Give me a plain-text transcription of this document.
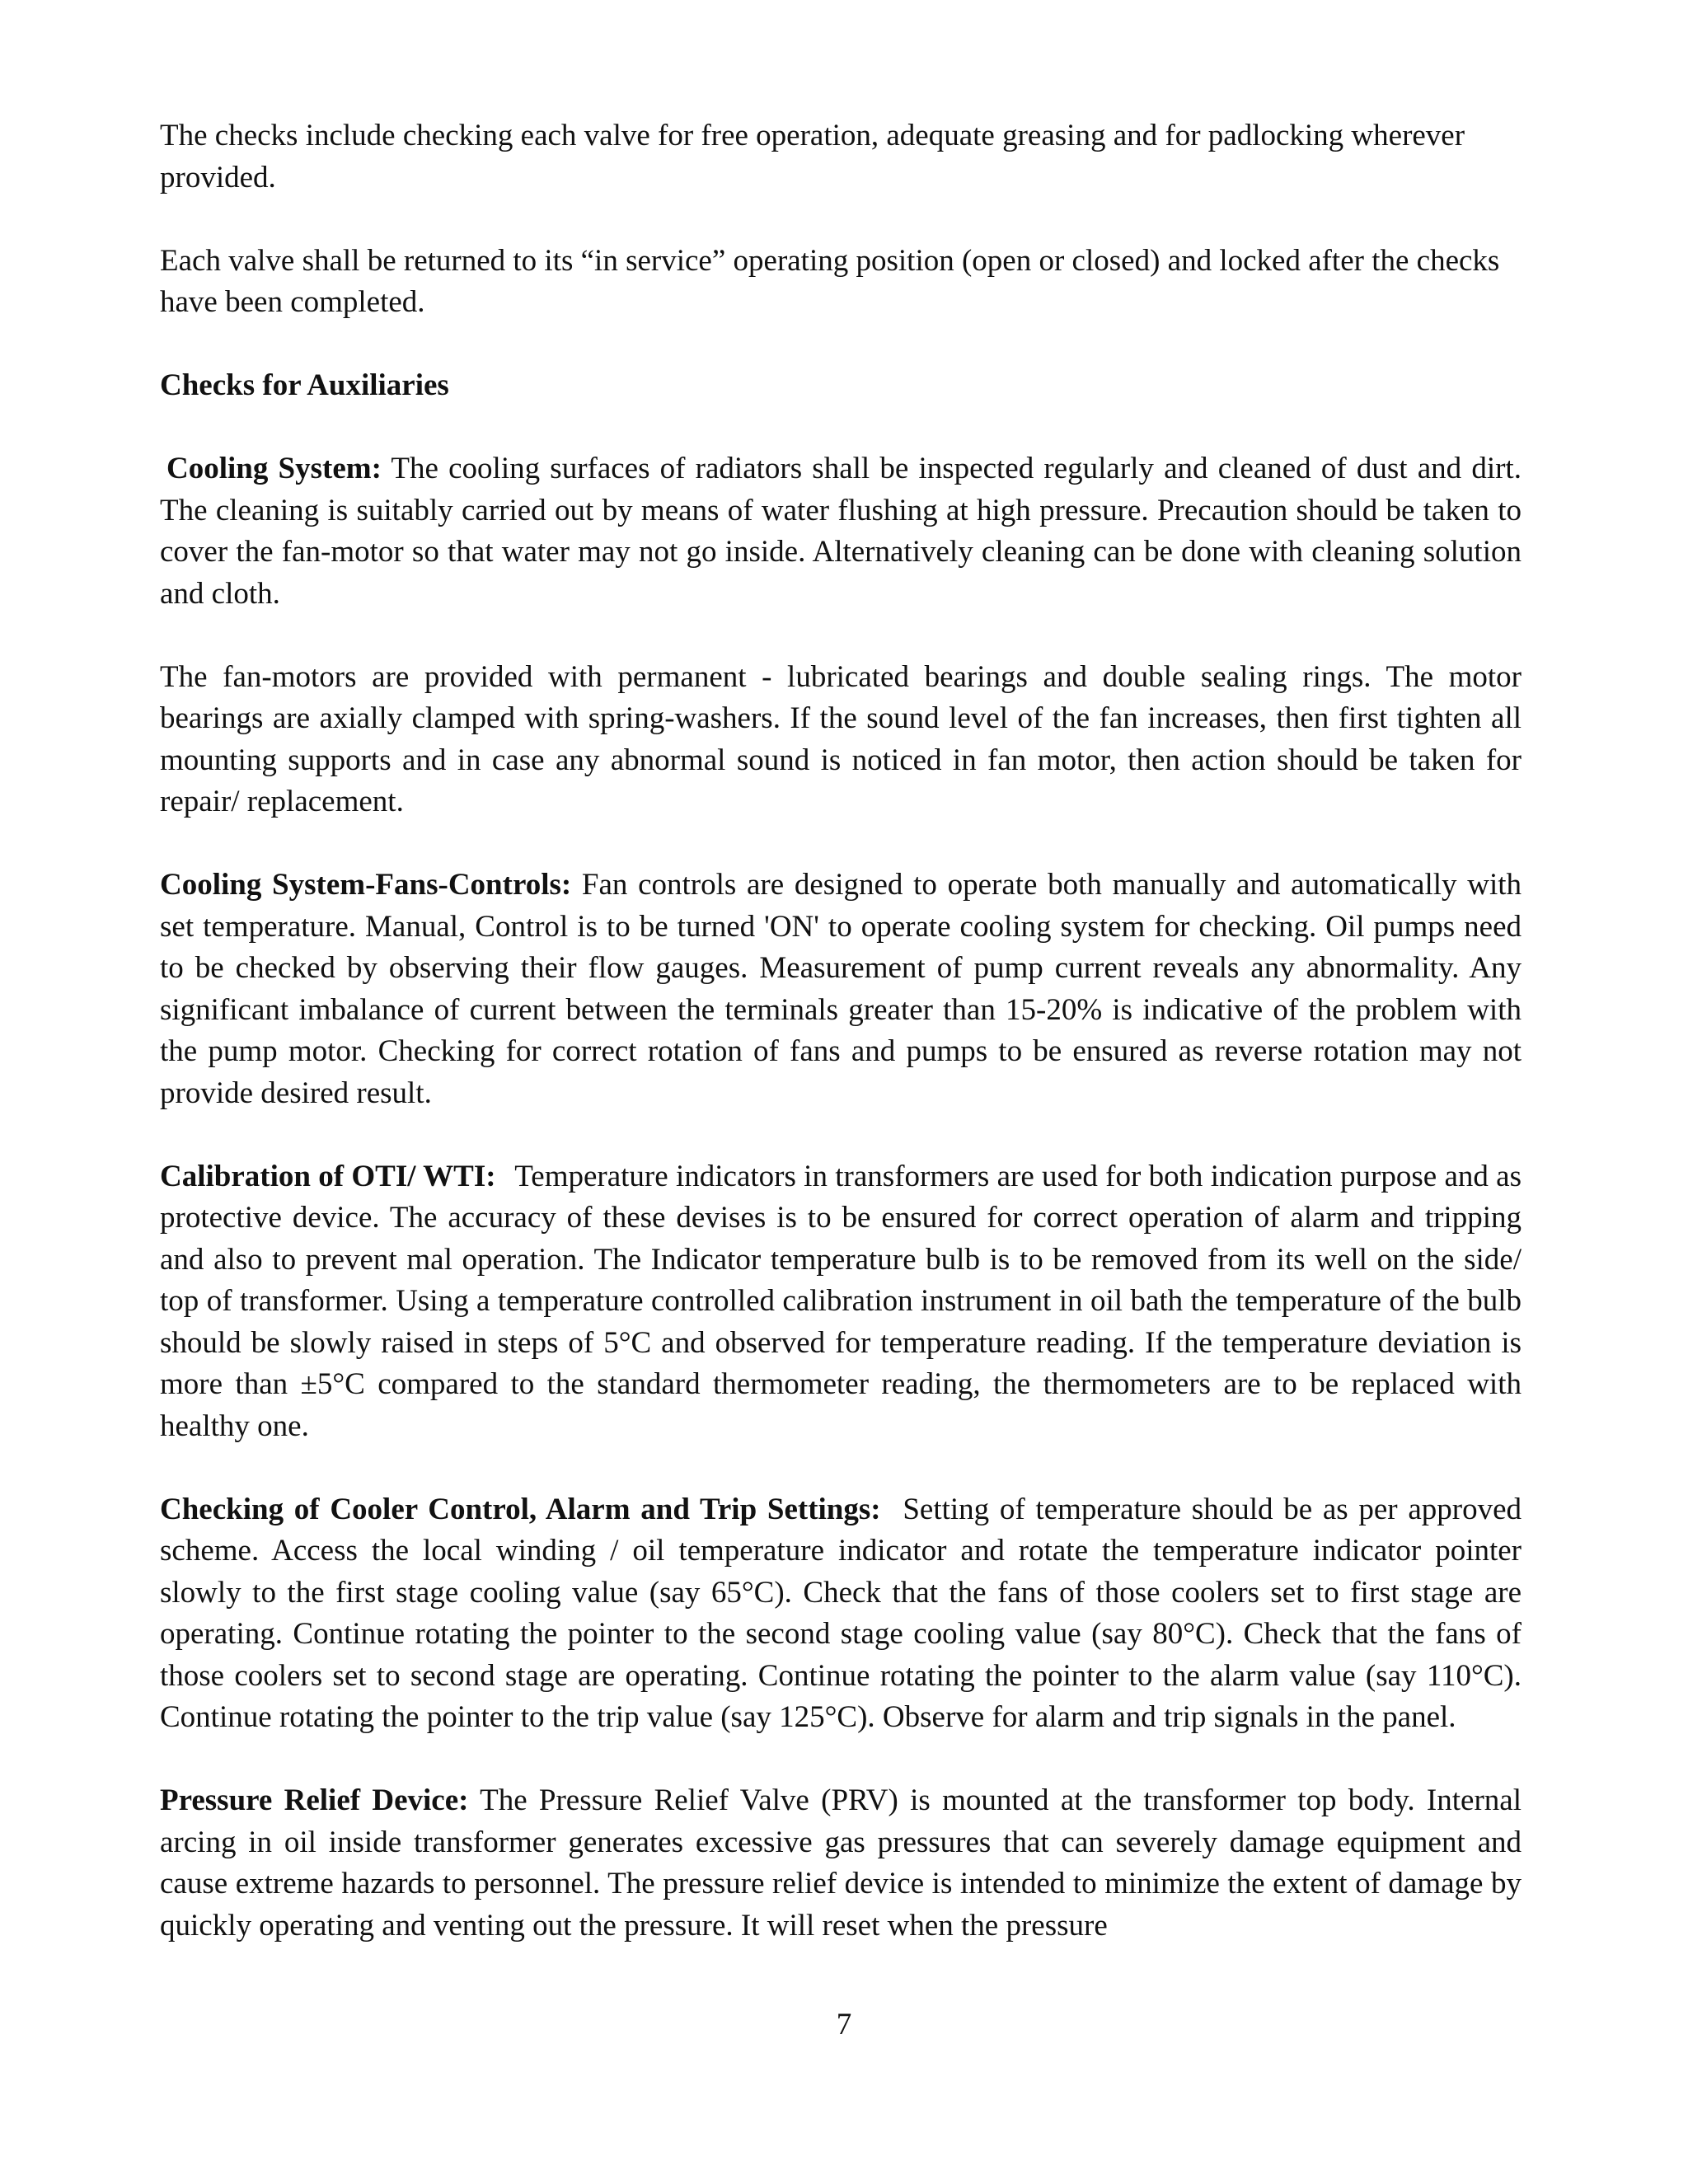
The checks include checking each valve for free operation, adequate greasing and for padlocking wherever provided.

Each valve shall be returned to its “in service” operating position (open or closed) and locked after the checks have been completed.

Checks for Auxiliaries

Cooling System: The cooling surfaces of radiators shall be inspected regularly and cleaned of dust and dirt. The cleaning is suitably carried out by means of water flushing at high pressure. Precaution should be taken to cover the fan-motor so that water may not go inside. Alternatively cleaning can be done with cleaning solution and cloth.

The fan-motors are provided with permanent - lubricated bearings and double sealing rings. The motor bearings are axially clamped with spring-washers. If the sound level of the fan increases, then first tighten all mounting supports and in case any abnormal sound is noticed in fan motor, then action should be taken for repair/ replacement.

Cooling System-Fans-Controls: Fan controls are designed to operate both manually and automatically with set temperature. Manual, Control is to be turned 'ON' to operate cooling system for checking. Oil pumps need to be checked by observing their flow gauges. Measurement of pump current reveals any abnormality. Any significant imbalance of current between the terminals greater than 15-20% is indicative of the problem with the pump motor. Checking for correct rotation of fans and pumps to be ensured as reverse rotation may not provide desired result.

Calibration of OTI/ WTI: Temperature indicators in transformers are used for both indication purpose and as protective device. The accuracy of these devises is to be ensured for correct operation of alarm and tripping and also to prevent mal operation. The Indicator temperature bulb is to be removed from its well on the side/ top of transformer. Using a temperature controlled calibration instrument in oil bath the temperature of the bulb should be slowly raised in steps of 5°C and observed for temperature reading. If the temperature deviation is more than ±5°C compared to the standard thermometer reading, the thermometers are to be replaced with healthy one.

Checking of Cooler Control, Alarm and Trip Settings: Setting of temperature should be as per approved scheme. Access the local winding / oil temperature indicator and rotate the temperature indicator pointer slowly to the first stage cooling value (say 65°C). Check that the fans of those coolers set to first stage are operating. Continue rotating the pointer to the second stage cooling value (say 80°C). Check that the fans of those coolers set to second stage are operating. Continue rotating the pointer to the alarm value (say 110°C). Continue rotating the pointer to the trip value (say 125°C). Observe for alarm and trip signals in the panel.

Pressure Relief Device: The Pressure Relief Valve (PRV) is mounted at the transformer top body. Internal arcing in oil inside transformer generates excessive gas pressures that can severely damage equipment and cause extreme hazards to personnel. The pressure relief device is intended to minimize the extent of damage by quickly operating and venting out the pressure. It will reset when the pressure

7
